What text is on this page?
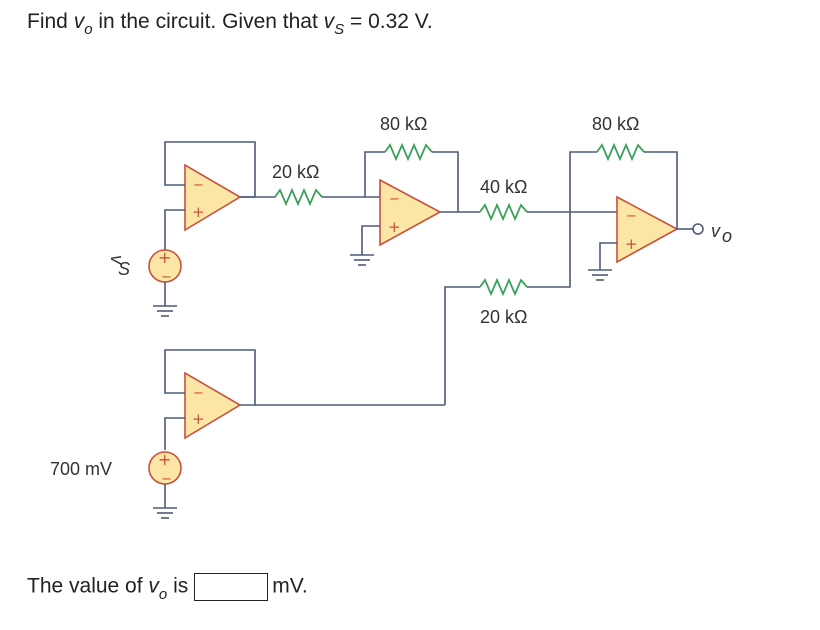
Find $v_o$ in the circuit. Given that $v_S = 0.32$ V.
−
+
+
−
v
S
20 kΩ
−
+
80 kΩ
40 kΩ
20 kΩ
−
+
80 kΩ
v o
−
+
+
−
700 mV
The value of $v_o$ is	mV.
